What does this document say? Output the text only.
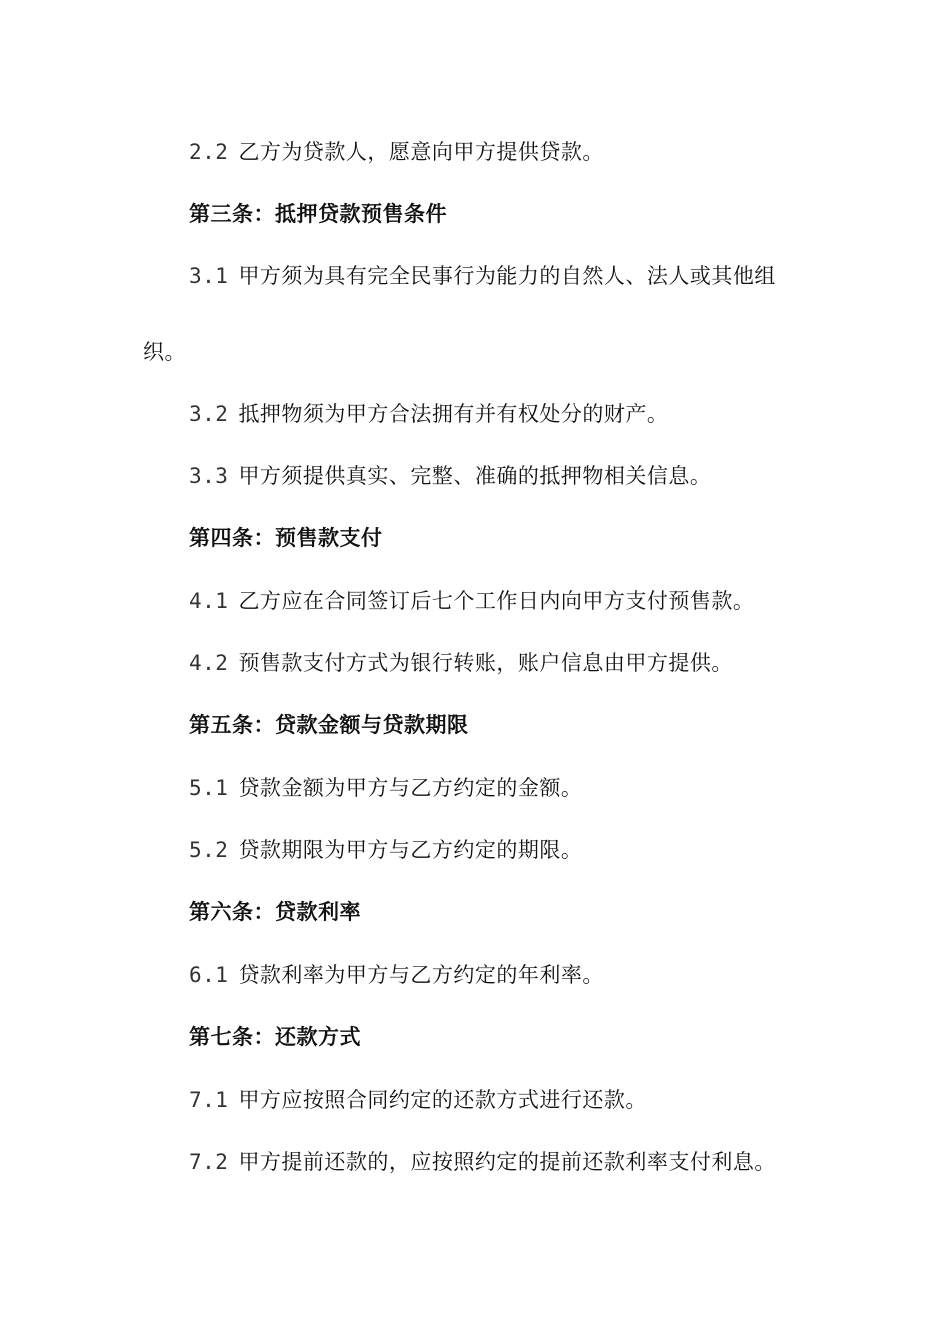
2.2 乙方为贷款人，愿意向甲方提供贷款。
第三条：抵押贷款预售条件
3.1 甲方须为具有完全民事行为能力的自然人、法人或其他组
织。
3.2 抵押物须为甲方合法拥有并有权处分的财产。
3.3 甲方须提供真实、完整、准确的抵押物相关信息。
第四条：预售款支付
4.1 乙方应在合同签订后七个工作日内向甲方支付预售款。
4.2 预售款支付方式为银行转账，账户信息由甲方提供。
第五条：贷款金额与贷款期限
5.1 贷款金额为甲方与乙方约定的金额。
5.2 贷款期限为甲方与乙方约定的期限。
第六条：贷款利率
6.1 贷款利率为甲方与乙方约定的年利率。
第七条：还款方式
7.1 甲方应按照合同约定的还款方式进行还款。
7.2 甲方提前还款的，应按照约定的提前还款利率支付利息。
